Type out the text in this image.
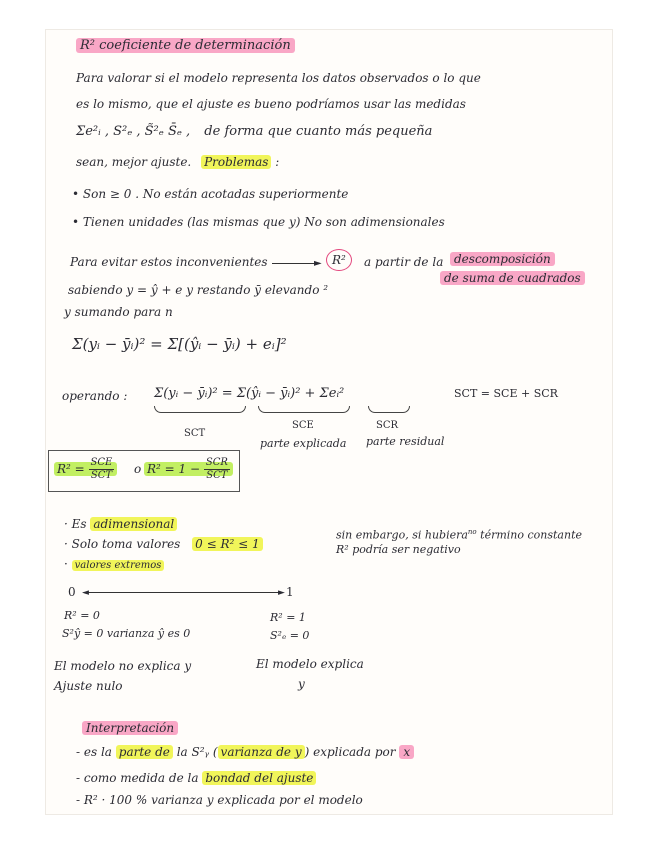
R² coeficiente de determinación
Para valorar si el modelo representa los datos observados o lo que
es lo mismo, que el ajuste es bueno podríamos usar las medidas
Σe²ᵢ , S²ₑ , S̃²ₑ S̄ₑ , de forma que cuanto más pequeña
sean, mejor ajuste. Problemas :
• Son ≥ 0 . No están acotadas superiormente
• Tienen unidades (las mismas que y) No son adimensionales
Para evitar estos inconvenientes	► R²	a partir de la descomposición
de suma de cuadrados
sabiendo y = ŷ + e y restando ȳ elevando ²
y sumando para n
Σ(yᵢ − ȳᵢ)² = Σ[(ŷᵢ − ȳᵢ) + eᵢ]²
operando : Σ(yᵢ − ȳᵢ)² = Σ(ŷᵢ − ȳᵢ)² + Σeᵢ²	SCT = SCE + SCR
SCT
SCE	SCR
parte explicada parte residual
$R^2 = \frac{\text{SCE}}{\text{SCT}}$ o $R^2 = 1 - \frac{\text{SCR}}{\text{SCT}}$
· Es adimensional
· Solo toma valores 0 ≤ R² ≤ 1
· valores extremos
sin embargo, si hubiera$^{no}$ término constante
R² podría ser negativo
0 ◄	► 1
R² = 0
S²ŷ = 0 varianza ŷ es 0
R² = 1
S²ₑ = 0
El modelo no explica y
Ajuste nulo
El modelo explica
y
Interpretación
- es la parte de la S²ᵧ ( varianza de y ) explicada por x
- como medida de la bondad del ajuste
- R² · 100 % varianza y explicada por el modelo
